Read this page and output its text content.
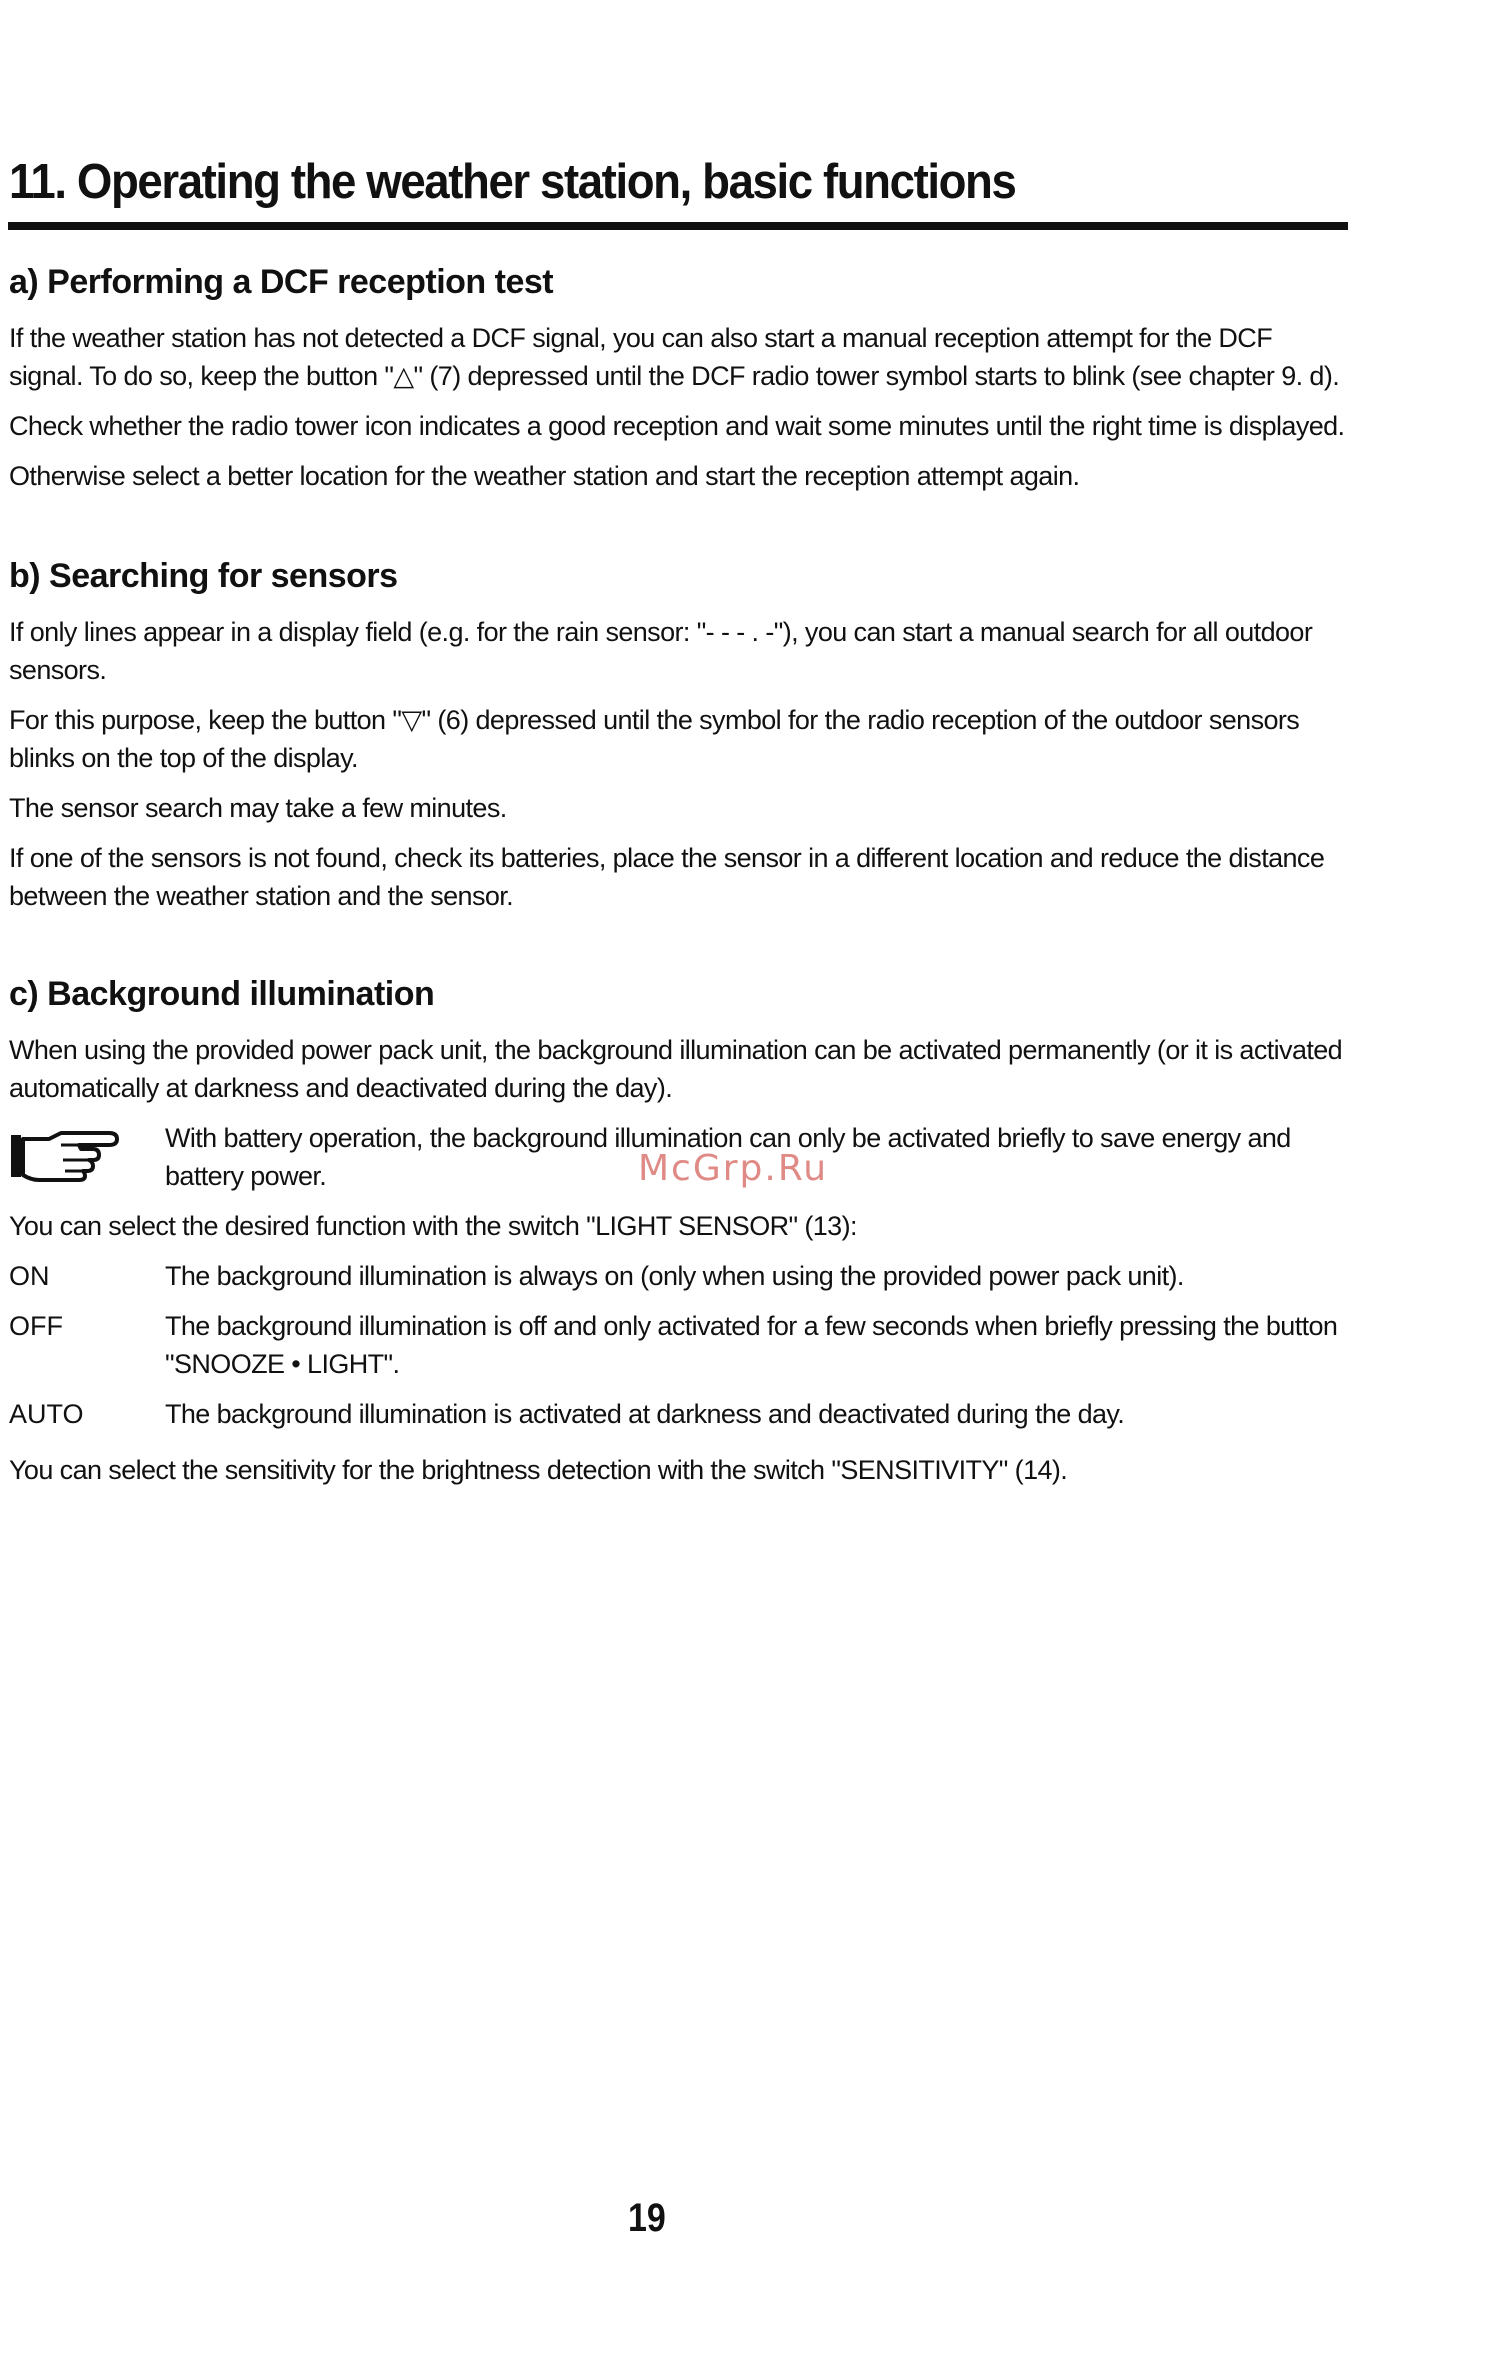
11. Operating the weather station, basic functions
a) Performing a DCF reception test

If the weather station has not detected a DCF signal, you can also start a manual reception attempt for the DCF signal. To do so, keep the button "△" (7) depressed until the DCF radio tower symbol starts to blink (see chapter 9. d).

Check whether the radio tower icon indicates a good reception and wait some minutes until the right time is displayed.

Otherwise select a better location for the weather station and start the reception attempt again.

b) Searching for sensors

If only lines appear in a display field (e.g. for the rain sensor: "- - - . -"), you can start a manual search for all outdoor sensors.

For this purpose, keep the button "▽" (6) depressed until the symbol for the radio reception of the outdoor sensors blinks on the top of the display.

The sensor search may take a few minutes.

If one of the sensors is not found, check its batteries, place the sensor in a different location and reduce the distance between the weather station and the sensor.

c) Background illumination

When using the provided power pack unit, the background illumination can be activated permanently (or it is activated automatically at darkness and deactivated during the day).

With battery operation, the background illumination can only be activated briefly to save energy and battery power.

You can select the desired function with the switch "LIGHT SENSOR" (13):

ON	The background illumination is always on (only when using the provided power pack unit).
OFF	The background illumination is off and only activated for a few seconds when briefly pressing the button "SNOOZE • LIGHT".
AUTO	The background illumination is activated at darkness and deactivated during the day.

You can select the sensitivity for the brightness detection with the switch "SENSITIVITY" (14).

McGrp.Ru
19
